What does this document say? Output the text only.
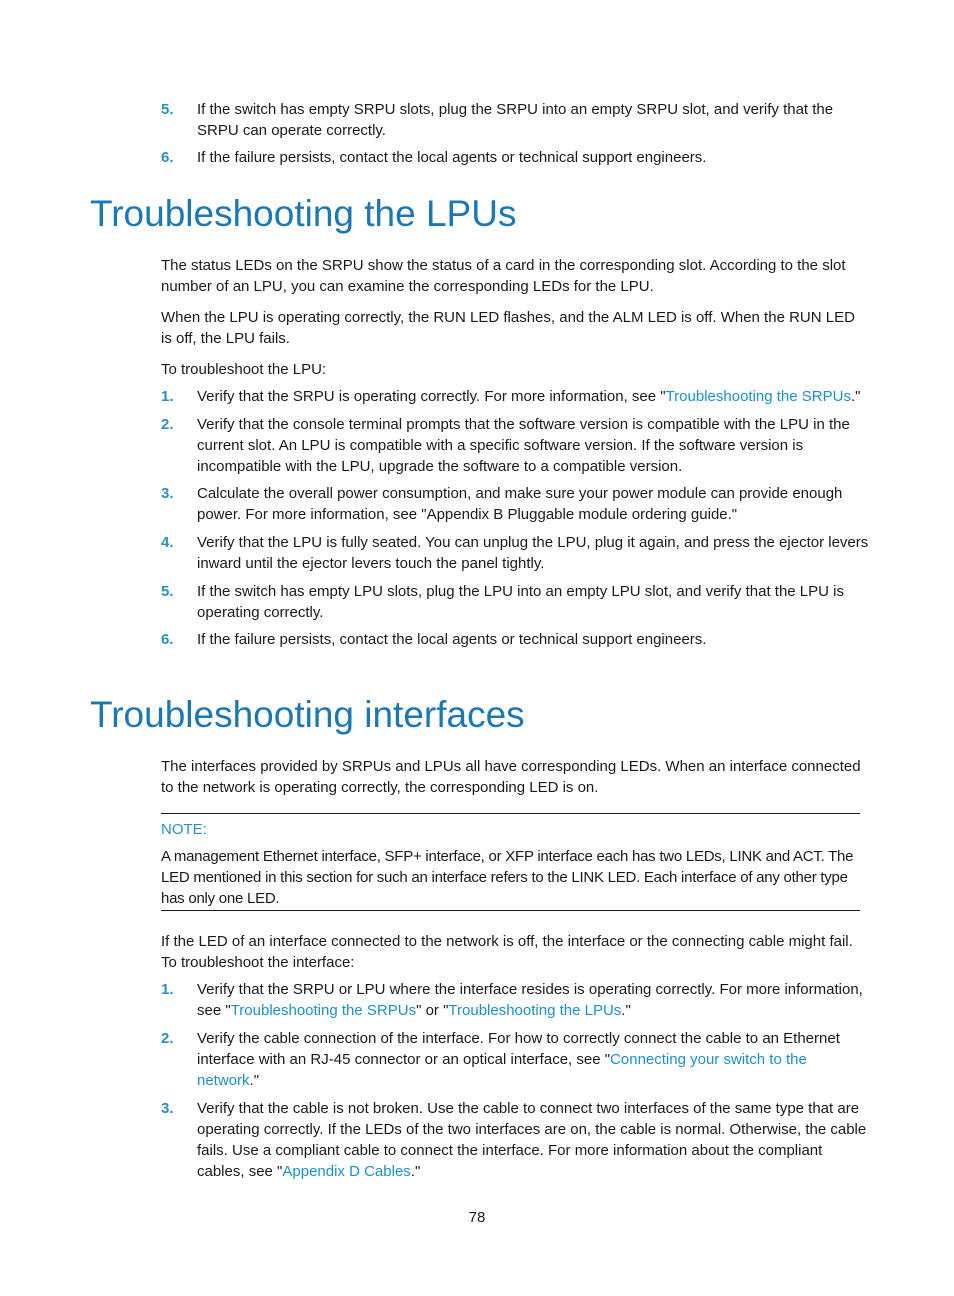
5. If the switch has empty SRPU slots, plug the SRPU into an empty SRPU slot, and verify that the SRPU can operate correctly.
6. If the failure persists, contact the local agents or technical support engineers.
Troubleshooting the LPUs

The status LEDs on the SRPU show the status of a card in the corresponding slot. According to the slot number of an LPU, you can examine the corresponding LEDs for the LPU.

When the LPU is operating correctly, the RUN LED flashes, and the ALM LED is off. When the RUN LED is off, the LPU fails.

To troubleshoot the LPU:

1. Verify that the SRPU is operating correctly. For more information, see "Troubleshooting the SRPUs."
2. Verify that the console terminal prompts that the software version is compatible with the LPU in the current slot. An LPU is compatible with a specific software version. If the software version is incompatible with the LPU, upgrade the software to a compatible version.
3. Calculate the overall power consumption, and make sure your power module can provide enough power. For more information, see "Appendix B Pluggable module ordering guide."
4. Verify that the LPU is fully seated. You can unplug the LPU, plug it again, and press the ejector levers inward until the ejector levers touch the panel tightly.
5. If the switch has empty LPU slots, plug the LPU into an empty LPU slot, and verify that the LPU is operating correctly.
6. If the failure persists, contact the local agents or technical support engineers.
Troubleshooting interfaces

The interfaces provided by SRPUs and LPUs all have corresponding LEDs. When an interface connected to the network is operating correctly, the corresponding LED is on.

NOTE:
A management Ethernet interface, SFP+ interface, or XFP interface each has two LEDs, LINK and ACT. The LED mentioned in this section for such an interface refers to the LINK LED. Each interface of any other type has only one LED.

If the LED of an interface connected to the network is off, the interface or the connecting cable might fail.

To troubleshoot the interface:

1. Verify that the SRPU or LPU where the interface resides is operating correctly. For more information, see "Troubleshooting the SRPUs" or "Troubleshooting the LPUs."
2. Verify the cable connection of the interface. For how to correctly connect the cable to an Ethernet interface with an RJ-45 connector or an optical interface, see "Connecting your switch to the network."
3. Verify that the cable is not broken. Use the cable to connect two interfaces of the same type that are operating correctly. If the LEDs of the two interfaces are on, the cable is normal. Otherwise, the cable fails. Use a compliant cable to connect the interface. For more information about the compliant cables, see "Appendix D Cables."
78
